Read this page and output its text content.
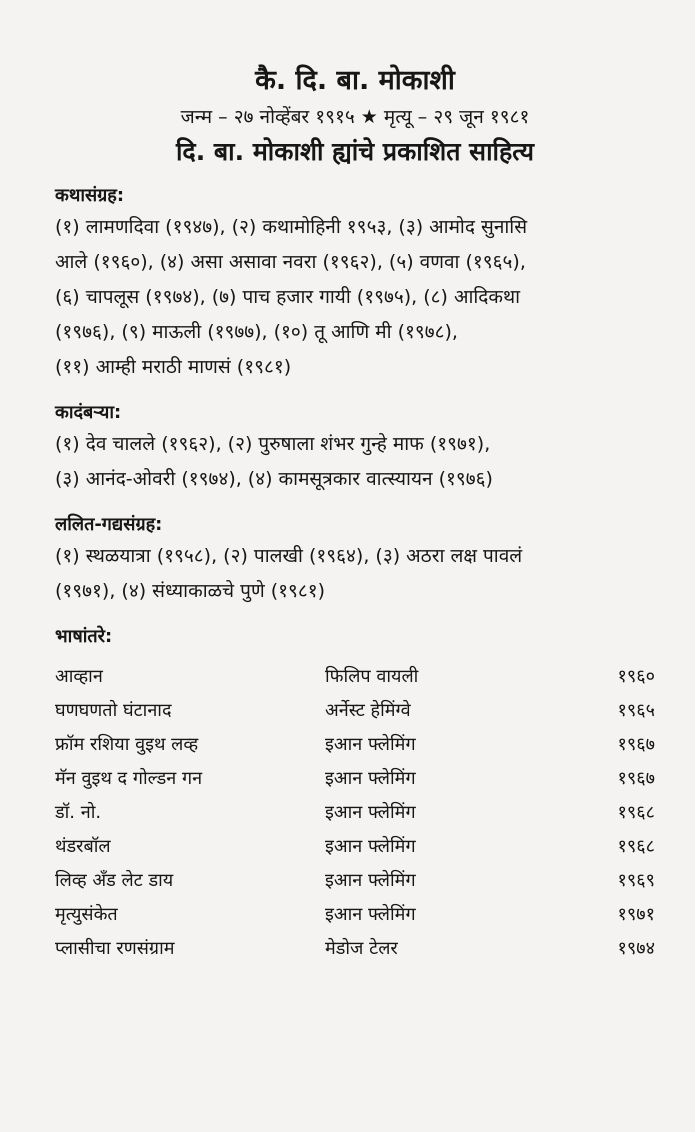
कै. दि. बा. मोकाशी
जन्म – २७ नोव्हेंबर १९१५ ★ मृत्यू – २९ जून १९८१
दि. बा. मोकाशी ह्यांचे प्रकाशित साहित्य
कथासंग्रह:
(१) लामणदिवा (१९४७), (२) कथामोहिनी १९५३, (३) आमोद सुनासि
आले (१९६०), (४) असा असावा नवरा (१९६२), (५) वणवा (१९६५),
(६) चापलूस (१९७४), (७) पाच हजार गायी (१९७५), (८) आदिकथा
(१९७६), (९) माऊली (१९७७), (१०) तू आणि मी (१९७८),
(११) आम्ही मराठी माणसं (१९८१)
कादंबऱ्या:
(१) देव चालले (१९६२), (२) पुरुषाला शंभर गुन्हे माफ (१९७१),
(३) आनंद-ओवरी (१९७४), (४) कामसूत्रकार वात्स्यायन (१९७६)
ललित-गद्यसंग्रह:
(१) स्थळयात्रा (१९५८), (२) पालखी (१९६४), (३) अठरा लक्ष पावलं
(१९७१), (४) संध्याकाळचे पुणे (१९८१)
भाषांतरे:
आव्हान	फिलिप वायली	१९६०
घणघणतो घंटानाद	अर्नेस्ट हेमिंग्वे	१९६५
फ्रॉम रशिया वुइथ लव्ह	इआन फ्लेमिंग	१९६७
मॅन वुइथ द गोल्डन गन	इआन फ्लेमिंग	१९६७
डॉ. नो.	इआन फ्लेमिंग	१९६८
थंडरबॉल	इआन फ्लेमिंग	१९६८
लिव्ह अँड लेट डाय	इआन फ्लेमिंग	१९६९
मृत्युसंकेत	इआन फ्लेमिंग	१९७१
प्लासीचा रणसंग्राम	मेडोज टेलर	१९७४
